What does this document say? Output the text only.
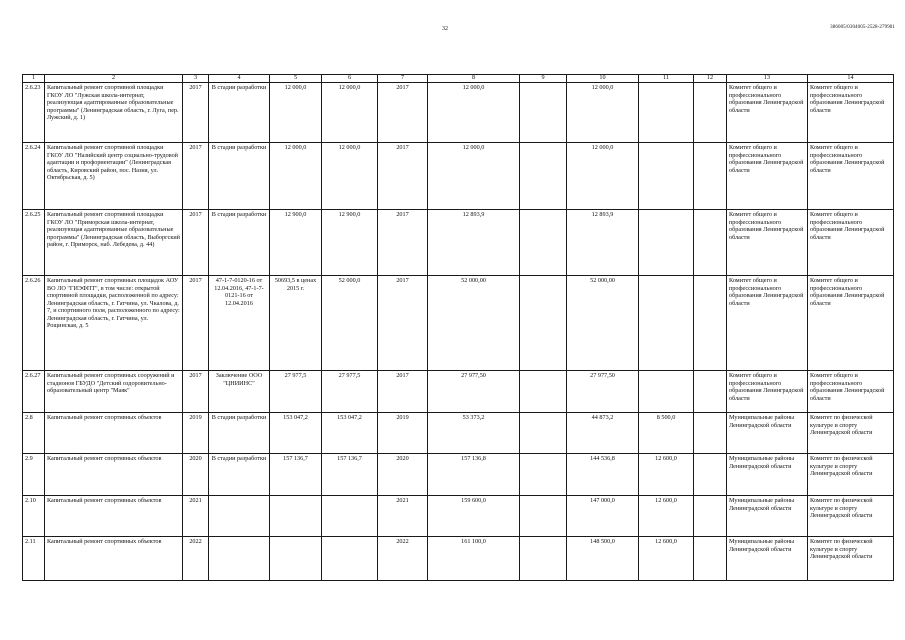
32	386005/0304005-2528-279901
1	2	3	4	5	6	7	8	9	10	11	12	13	14
2.6.23	Капитальный ремонт спортивной площадки ГКОУ ЛО "Лужская школа-интернат, реализующая адаптированные образовательные программы" (Ленинградская область, г. Луга, пер. Лужский, д. 1)	2017	В стадии разработки	12 000,0	12 000,0	2017	12 000,0		12 000,0			Комитет общего и профессионального образования Ленинградской области	Комитет общего и профессионального образования Ленинградской области
2.6.24	Капитальный ремонт спортивной площадки ГКОУ ЛО "Назийский центр социально-трудовой адаптации и профориентации" (Ленинградская область, Кировский район, пос. Назия, ул. Октябрьская, д. 5)	2017	В стадии разработки	12 000,0	12 000,0	2017	12 000,0		12 000,0			Комитет общего и профессионального образования Ленинградской области	Комитет общего и профессионального образования Ленинградской области
2.6.25	Капитальный ремонт спортивной площадки ГКОУ ЛО "Приморская школа-интернат, реализующая адаптированные образовательные программы" (Ленинградская область, Выборгский район, г. Приморск, наб. Лебедева, д. 44)	2017	В стадии разработки	12 900,0	12 900,0	2017	12 893,9		12 893,9			Комитет общего и профессионального образования Ленинградской области	Комитет общего и профессионального образования Ленинградской области
2.6.26	Капитальный ремонт спортивных площадок АОУ ВО ЛО "ГИЭФПТ", в том числе: открытой спортивной площадки, расположенной по адресу: Ленинградская область, г. Гатчина, ул. Чкалова, д. 7, и спортивного поля, расположенного по адресу: Ленинградская область, г. Гатчина, ул. Рощинская, д. 5	2017	47-1-7-0120-16 от 12.04.2016, 47-1-7-0121-16 от 12.04.2016	50693,5 в ценах 2015 г.	52 000,0	2017	52 000,00		52 000,00			Комитет общего и профессионального образования Ленинградской области	Комитет общего и профессионального образования Ленинградской области
2.6.27	Капитальный ремонт спортивных сооружений и стадионов ГБУДО "Детский оздоровительно-образовательный центр "Маяк"	2017	Заключение ООО "ЦНИИНС"	27 977,5	27 977,5	2017	27 977,50		27 977,50			Комитет общего и профессионального образования Ленинградской области	Комитет общего и профессионального образования Ленинградской области
2.8	Капитальный ремонт спортивных объектов	2019	В стадии разработки	153 047,2	153 047,2	2019	53 373,2		44 873,2	8 500,0		Муниципальные районы Ленинградской области	Комитет по физической культуре и спорту Ленинградской области
2.9	Капитальный ремонт спортивных объектов	2020	В стадии разработки	157 136,7	157 136,7	2020	157 136,8		144 536,8	12 600,0		Муниципальные районы Ленинградской области	Комитет по физической культуре и спорту Ленинградской области
2.10	Капитальный ремонт спортивных объектов	2021				2021	159 600,0		147 000,0	12 600,0		Муниципальные районы Ленинградской области	Комитет по физической культуре и спорту Ленинградской области
2.11	Капитальный ремонт спортивных объектов	2022				2022	161 100,0		148 500,0	12 600,0		Муниципальные районы Ленинградской области	Комитет по физической культуре и спорту Ленинградской области
